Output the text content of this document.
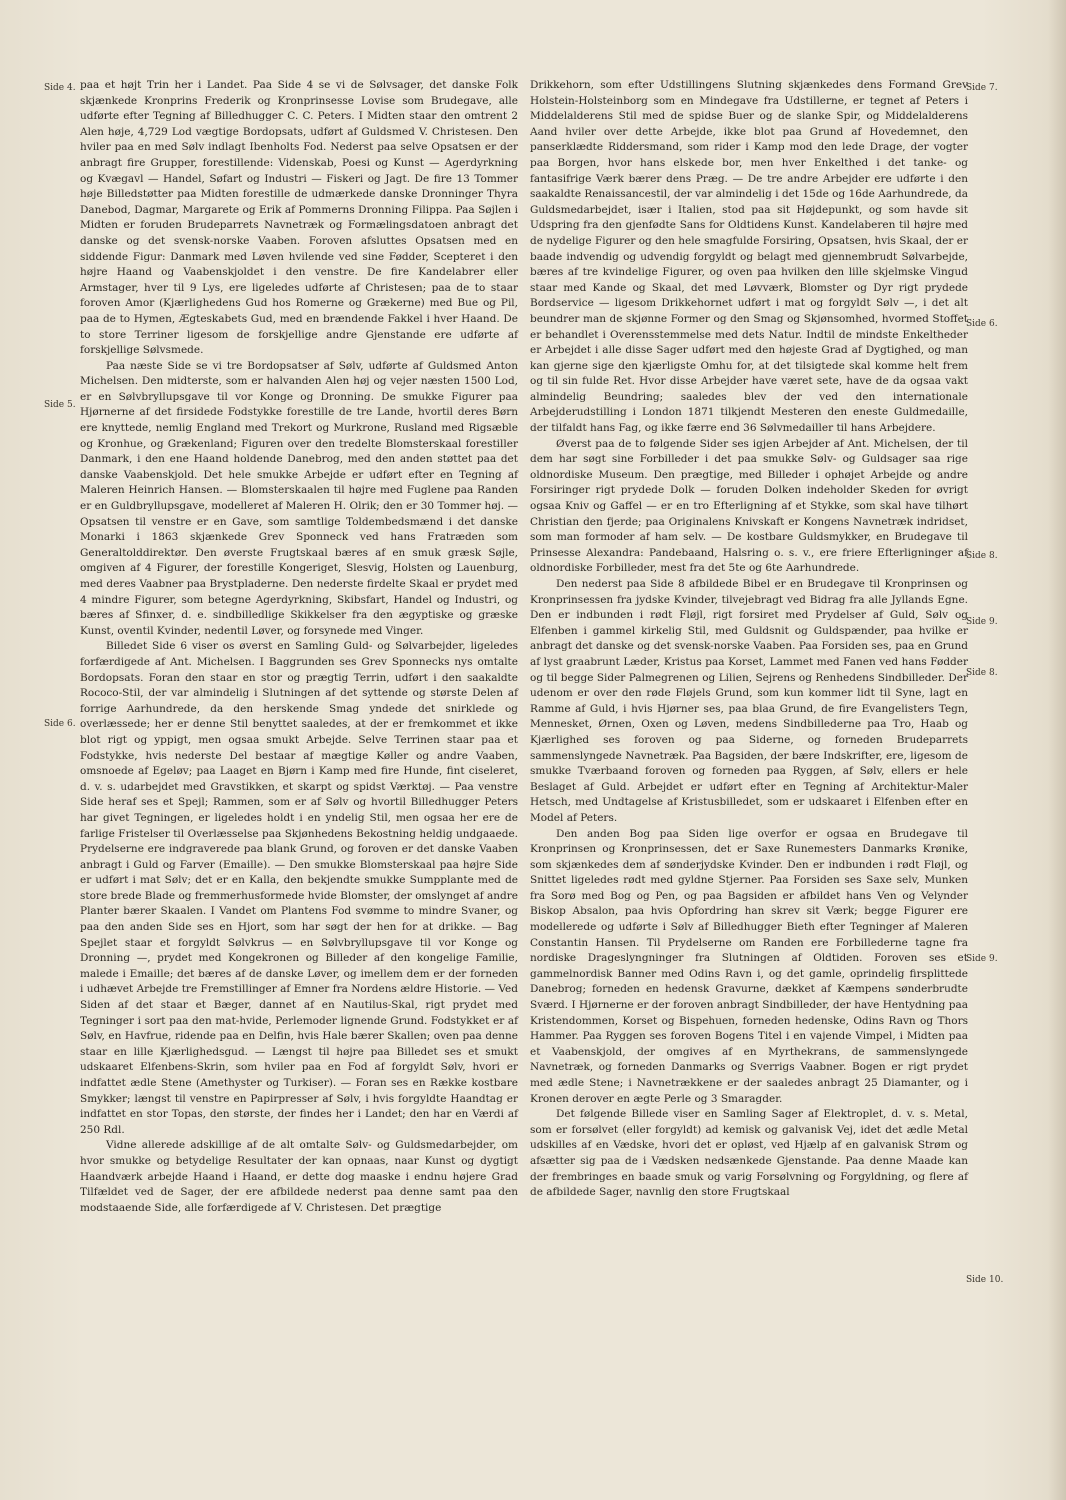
Side 4.
Side 5.
Side 6.
Side 7.
Side 6.
Side 8.
Side 9.
Side 8.
Side 9.
Side 10.

paa et højt Trin her i Landet. Paa Side 4 se vi de Sølvsager, det danske Folk skjænkede Kronprins Frederik og Kronprinsesse Lovise som Brudegave, alle udførte efter Tegning af Billedhugger C. C. Peters. I Midten staar den omtrent 2 Alen høje, 4,729 Lod vægtige Bordopsats, udført af Guldsmed V. Christesen. Den hviler paa en med Sølv indlagt Ibenholts Fod. Nederst paa selve Opsatsen er der anbragt fire Grupper, forestillende: Videnskab, Poesi og Kunst — Agerdyrkning og Kvægavl — Handel, Søfart og Industri — Fiskeri og Jagt. De fire 13 Tommer høje Billedstøtter paa Midten forestille de udmærkede danske Dronninger Thyra Danebod, Dagmar, Margarete og Erik af Pommerns Dronning Filippa. Paa Søjlen i Midten er foruden Brudeparrets Navnetræk og Formælingsdatoen anbragt det danske og det svensk-norske Vaaben. Foroven afsluttes Opsatsen med en siddende Figur: Danmark med Løven hvilende ved sine Fødder, Scepteret i den højre Haand og Vaabenskjoldet i den venstre. De fire Kandelabrer eller Armstager, hver til 9 Lys, ere ligeledes udførte af Christesen; paa de to staar foroven Amor (Kjærlighedens Gud hos Romerne og Grækerne) med Bue og Pil, paa de to Hymen, Ægteskabets Gud, med en brændende Fakkel i hver Haand. De to store Terriner ligesom de forskjellige andre Gjenstande ere udførte af forskjellige Sølvsmede.

Paa næste Side se vi tre Bordopsatser af Sølv, udførte af Guldsmed Anton Michelsen. Den midterste, som er halvanden Alen høj og vejer næsten 1500 Lod, er en Sølvbryllupsgave til vor Konge og Dronning. De smukke Figurer paa Hjørnerne af det firsidede Fodstykke forestille de tre Lande, hvortil deres Børn ere knyttede, nemlig England med Trekort og Murkrone, Rusland med Rigsæble og Kronhue, og Grækenland; Figuren over den tredelte Blomsterskaal forestiller Danmark, i den ene Haand holdende Danebrog, med den anden støttet paa det danske Vaabenskjold. Det hele smukke Arbejde er udført efter en Tegning af Maleren Heinrich Hansen. — Blomsterskaalen til højre med Fuglene paa Randen er en Guldbryllupsgave, modelleret af Maleren H. Olrik; den er 30 Tommer høj. — Opsatsen til venstre er en Gave, som samtlige Toldembedsmænd i det danske Monarki i 1863 skjænkede Grev Sponneck ved hans Fratræden som Generaltolddirektør. Den øverste Frugtskaal bæres af en smuk græsk Søjle, omgiven af 4 Figurer, der forestille Kongeriget, Slesvig, Holsten og Lauenburg, med deres Vaabner paa Brystpladerne. Den nederste firdelte Skaal er prydet med 4 mindre Figurer, som betegne Agerdyrkning, Skibsfart, Handel og Industri, og bæres af Sfinxer, d. e. sindbilledlige Skikkelser fra den ægyptiske og græske Kunst, oventil Kvinder, nedentil Løver, og forsynede med Vinger.

Billedet Side 6 viser os øverst en Samling Guld- og Sølvarbejder, ligeledes forfærdigede af Ant. Michelsen. I Baggrunden ses Grev Sponnecks nys omtalte Bordopsats. Foran den staar en stor og prægtig Terrin, udført i den saakaldte Rococo-Stil, der var almindelig i Slutningen af det syttende og største Delen af forrige Aarhundrede, da den herskende Smag yndede det snirklede og overlæssede; her er denne Stil benyttet saaledes, at der er fremkommet et ikke blot rigt og yppigt, men ogsaa smukt Arbejde. Selve Terrinen staar paa et Fodstykke, hvis nederste Del bestaar af mægtige Køller og andre Vaaben, omsnoede af Egeløv; paa Laaget en Bjørn i Kamp med fire Hunde, fint ciseleret, d. v. s. udarbejdet med Gravstikken, et skarpt og spidst Værktøj. — Paa venstre Side heraf ses et Spejl; Rammen, som er af Sølv og hvortil Billedhugger Peters har givet Tegningen, er ligeledes holdt i en yndelig Stil, men ogsaa her ere de farlige Fristelser til Overlæsselse paa Skjønhedens Bekostning heldig undgaaede. Prydelserne ere indgraverede paa blank Grund, og foroven er det danske Vaaben anbragt i Guld og Farver (Emaille). — Den smukke Blomsterskaal paa højre Side er udført i mat Sølv; det er en Kalla, den bekjendte smukke Sumpplante med de store brede Blade og fremmerhusformede hvide Blomster, der omslynget af andre Planter bærer Skaalen. I Vandet om Plantens Fod svømme to mindre Svaner, og paa den anden Side ses en Hjort, som har søgt der hen for at drikke. — Bag Spejlet staar et forgyldt Sølvkrus — en Sølvbryllupsgave til vor Konge og Dronning —, prydet med Kongekronen og Billeder af den kongelige Familie, malede i Emaille; det bæres af de danske Løver, og imellem dem er der forneden i udhævet Arbejde tre Fremstillinger af Emner fra Nordens ældre Historie. — Ved Siden af det staar et Bæger, dannet af en Nautilus-Skal, rigt prydet med Tegninger i sort paa den mat-hvide, Perlemoder lignende Grund. Fodstykket er af Sølv, en Havfrue, ridende paa en Delfin, hvis Hale bærer Skallen; oven paa denne staar en lille Kjærlighedsgud. — Længst til højre paa Billedet ses et smukt udskaaret Elfenbens-Skrin, som hviler paa en Fod af forgyldt Sølv, hvori er indfattet ædle Stene (Amethyster og Turkiser). — Foran ses en Række kostbare Smykker; længst til venstre en Papirpresser af Sølv, i hvis forgyldte Haandtag er indfattet en stor Topas, den største, der findes her i Landet; den har en Værdi af 250 Rdl.

Vidne allerede adskillige af de alt omtalte Sølv- og Guldsmedarbejder, om hvor smukke og betydelige Resultater der kan opnaas, naar Kunst og dygtigt Haandværk arbejde Haand i Haand, er dette dog maaske i endnu højere Grad Tilfældet ved de Sager, der ere afbildede nederst paa denne samt paa den modstaaende Side, alle forfærdigede af V. Christesen. Det prægtige

Drikkehorn, som efter Udstillingens Slutning skjænkedes dens Formand Grev Holstein-Holsteinborg som en Mindegave fra Udstillerne, er tegnet af Peters i Middelalderens Stil med de spidse Buer og de slanke Spir, og Middelalderens Aand hviler over dette Arbejde, ikke blot paa Grund af Hovedemnet, den panserklædte Riddersmand, som rider i Kamp mod den lede Drage, der vogter paa Borgen, hvor hans elskede bor, men hver Enkelthed i det tanke- og fantasifrige Værk bærer dens Præg. — De tre andre Arbejder ere udførte i den saakaldte Renaissancestil, der var almindelig i det 15de og 16de Aarhundrede, da Guldsmedarbejdet, især i Italien, stod paa sit Højdepunkt, og som havde sit Udspring fra den gjenfødte Sans for Oldtidens Kunst. Kandelaberen til højre med de nydelige Figurer og den hele smagfulde Forsiring, Opsatsen, hvis Skaal, der er baade indvendig og udvendig forgyldt og belagt med gjennembrudt Sølvarbejde, bæres af tre kvindelige Figurer, og oven paa hvilken den lille skjelmske Vingud staar med Kande og Skaal, det med Løvværk, Blomster og Dyr rigt prydede Bordservice — ligesom Drikkehornet udført i mat og forgyldt Sølv —, i det alt beundrer man de skjønne Former og den Smag og Skjønsomhed, hvormed Stoffet er behandlet i Overensstemmelse med dets Natur. Indtil de mindste Enkeltheder er Arbejdet i alle disse Sager udført med den højeste Grad af Dygtighed, og man kan gjerne sige den kjærligste Omhu for, at det tilsigtede skal komme helt frem og til sin fulde Ret. Hvor disse Arbejder have været sete, have de da ogsaa vakt almindelig Beundring; saaledes blev der ved den internationale Arbejderudstilling i London 1871 tilkjendt Mesteren den eneste Guldmedaille, der tilfaldt hans Fag, og ikke færre end 36 Sølvmedailler til hans Arbejdere.

Øverst paa de to følgende Sider ses igjen Arbejder af Ant. Michelsen, der til dem har søgt sine Forbilleder i det paa smukke Sølv- og Guldsager saa rige oldnordiske Museum. Den prægtige, med Billeder i ophøjet Arbejde og andre Forsiringer rigt prydede Dolk — foruden Dolken indeholder Skeden for øvrigt ogsaa Kniv og Gaffel — er en tro Efterligning af et Stykke, som skal have tilhørt Christian den fjerde; paa Originalens Knivskaft er Kongens Navnetræk indridset, som man formoder af ham selv. — De kostbare Guldsmykker, en Brudegave til Prinsesse Alexandra: Pandebaand, Halsring o. s. v., ere friere Efterligninger af oldnordiske Forbilleder, mest fra det 5te og 6te Aarhundrede.

Den nederst paa Side 8 afbildede Bibel er en Brudegave til Kronprinsen og Kronprinsessen fra jydske Kvinder, tilvejebragt ved Bidrag fra alle Jyllands Egne. Den er indbunden i rødt Fløjl, rigt forsiret med Prydelser af Guld, Sølv og Elfenben i gammel kirkelig Stil, med Guldsnit og Guldspænder, paa hvilke er anbragt det danske og det svensk-norske Vaaben. Paa Forsiden ses, paa en Grund af lyst graabrunt Læder, Kristus paa Korset, Lammet med Fanen ved hans Fødder og til begge Sider Palmegrenen og Lilien, Sejrens og Renhedens Sindbilleder. Der udenom er over den røde Fløjels Grund, som kun kommer lidt til Syne, lagt en Ramme af Guld, i hvis Hjørner ses, paa blaa Grund, de fire Evangelisters Tegn, Mennesket, Ørnen, Oxen og Løven, medens Sindbillederne paa Tro, Haab og Kjærlighed ses foroven og paa Siderne, og forneden Brudeparrets sammenslyngede Navnetræk. Paa Bagsiden, der bære Indskrifter, ere, ligesom de smukke Tværbaand foroven og forneden paa Ryggen, af Sølv, ellers er hele Beslaget af Guld. Arbejdet er udført efter en Tegning af Architektur-Maler Hetsch, med Undtagelse af Kristusbilledet, som er udskaaret i Elfenben efter en Model af Peters.

Den anden Bog paa Siden lige overfor er ogsaa en Brudegave til Kronprinsen og Kronprinsessen, det er Saxe Runemesters Danmarks Krønike, som skjænkedes dem af sønderjydske Kvinder. Den er indbunden i rødt Fløjl, og Snittet ligeledes rødt med gyldne Stjerner. Paa Forsiden ses Saxe selv, Munken fra Sorø med Bog og Pen, og paa Bagsiden er afbildet hans Ven og Velynder Biskop Absalon, paa hvis Opfordring han skrev sit Værk; begge Figurer ere modellerede og udførte i Sølv af Billedhugger Bieth efter Tegninger af Maleren Constantin Hansen. Til Prydelserne om Randen ere Forbillederne tagne fra nordiske Drageslyngninger fra Slutningen af Oldtiden. Foroven ses et gammelnordisk Banner med Odins Ravn i, og det gamle, oprindelig firsplittede Danebrog; forneden en hedensk Gravurne, dækket af Kæmpens sønderbrudte Sværd. I Hjørnerne er der foroven anbragt Sindbilleder, der have Hentydning paa Kristendommen, Korset og Bispehuen, forneden hedenske, Odins Ravn og Thors Hammer. Paa Ryggen ses foroven Bogens Titel i en vajende Vimpel, i Midten paa et Vaabenskjold, der omgives af en Myrthekrans, de sammenslyngede Navnetræk, og forneden Danmarks og Sverrigs Vaabner. Bogen er rigt prydet med ædle Stene; i Navnetrækkene er der saaledes anbragt 25 Diamanter, og i Kronen derover en ægte Perle og 3 Smaragder.

Det følgende Billede viser en Samling Sager af Elektroplet, d. v. s. Metal, som er forsølvet (eller forgyldt) ad kemisk og galvanisk Vej, idet det ædle Metal udskilles af en Vædske, hvori det er opløst, ved Hjælp af en galvanisk Strøm og afsætter sig paa de i Vædsken nedsænkede Gjenstande. Paa denne Maade kan der frembringes en baade smuk og varig Forsølvning og Forgyldning, og flere af de afbildede Sager, navnlig den store Frugtskaal
